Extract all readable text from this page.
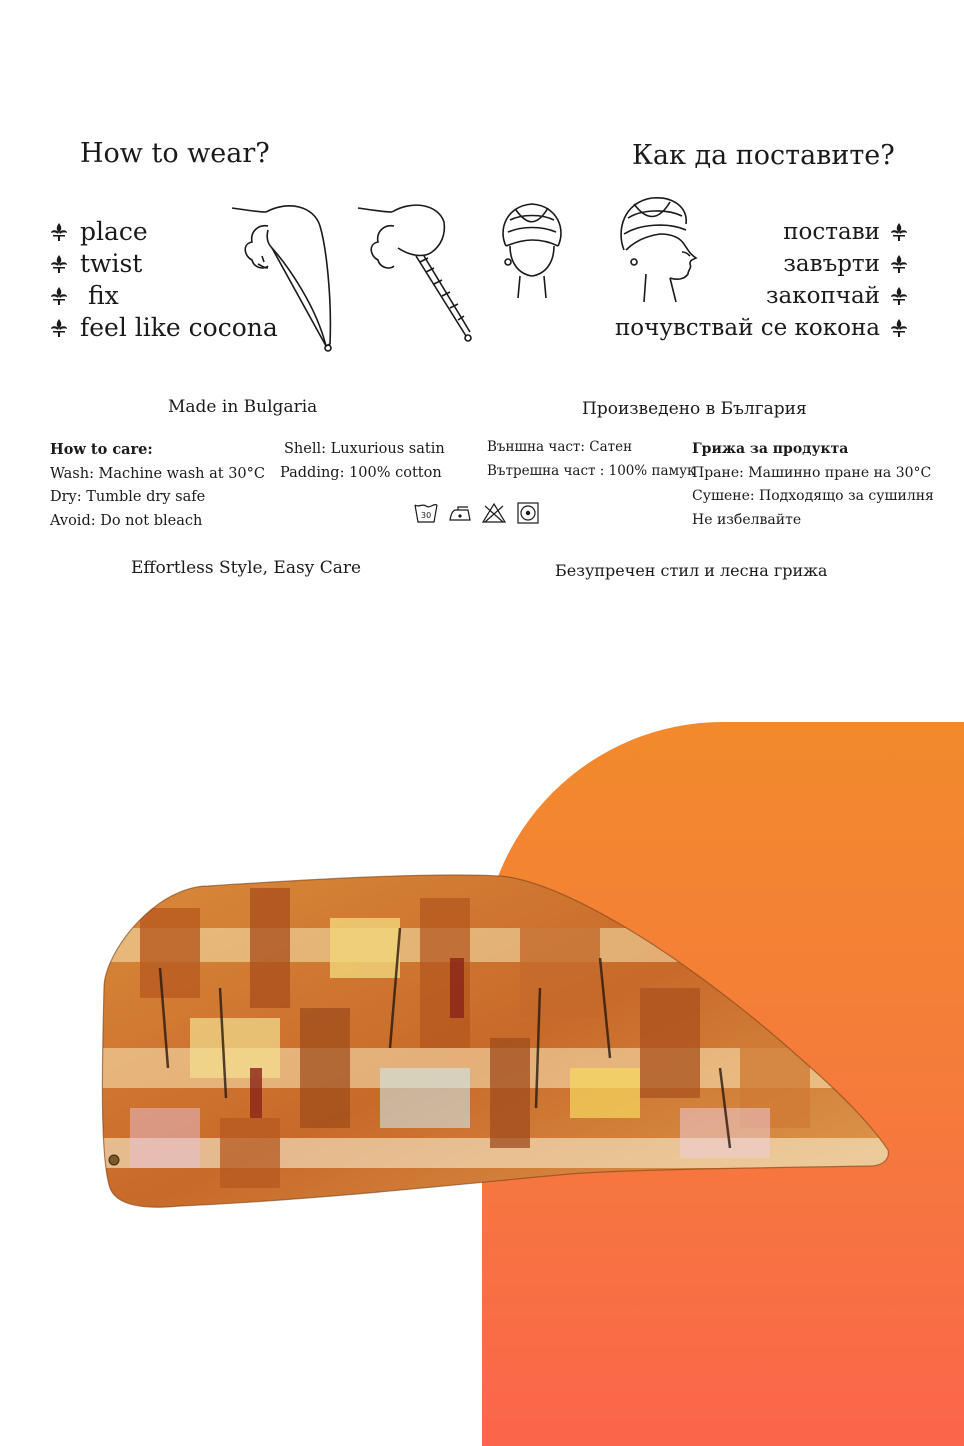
How to wear?	Как да поставите?
place
twist
fix
feel like cocona
постави
завърти
закопчай
почувствай се кокона
Made in Bulgaria	Произведено в България
How to care:
Wash: Machine wash at 30°C
Dry: Tumble dry safe
Avoid: Do not bleach
Shell: Luxurious satin
Padding: 100% cotton
Външна част: Сатен
Вътрешна част : 100% памук
Грижа за продукта
Пране: Машинно пране на 30°C
Сушене: Подходящо за сушилня
Не избелвайте
30
Effortless Style, Easy Care	Безупречен стил и лесна грижа
